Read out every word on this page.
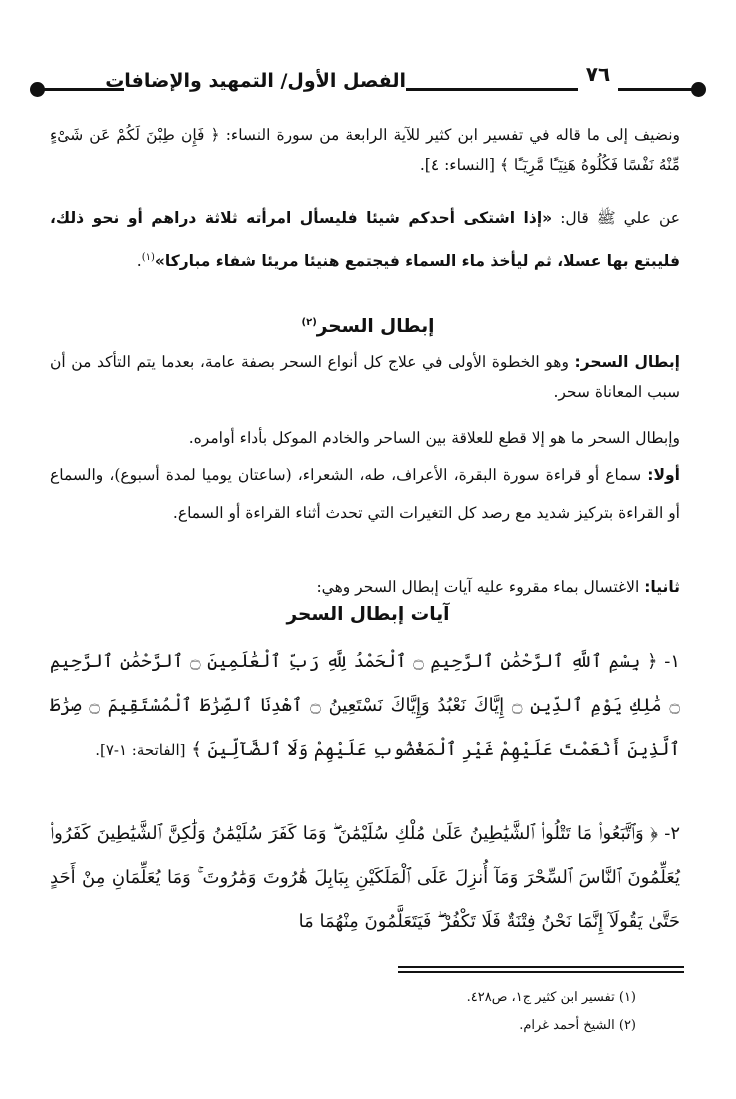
الفصل الأول/ التمهيد والإضافات	٧٦
ونضيف إلى ما قاله في تفسير ابن كثير للآية الرابعة من سورة النساء: ﴿ فَإِن طِبْنَ لَكُمْ عَن شَىْءٍ مِّنْهُ نَفْسًا فَكُلُوهُ هَنِيٓـًٔا مَّرِيٓـًٔا ﴾ [النساء: ٤].
عن علي ﷺ قال: «إذا اشتكى أحدكم شيئا فليسأل امرأته ثلاثة دراهم أو نحو ذلك، فليبتع بها عسلا، ثم ليأخذ ماء السماء فيجتمع هنيئا مريئا شفاء مباركا»$^{(١)}$.
إبطال السحر$^{(٢)}$
إبطال السحر: وهو الخطوة الأولى في علاج كل أنواع السحر بصفة عامة، بعدما يتم التأكد من أن سبب المعاناة سحر.
وإبطال السحر ما هو إلا قطع للعلاقة بين الساحر والخادم الموكل بأداء أوامره.
أولا: سماع أو قراءة سورة البقرة، الأعراف، طه، الشعراء، (ساعتان يوميا لمدة أسبوع)، والسماع أو القراءة بتركيز شديد مع رصد كل التغيرات التي تحدث أثناء القراءة أو السماع.
ثانيا: الاغتسال بماء مقروء عليه آيات إبطال السحر وهي:
آيات إبطال السحر
١- ﴿ بِسْمِ ٱللَّهِ ٱلرَّحْمَٰنِ ٱلرَّحِيمِ ۝ ٱلْحَمْدُ لِلَّهِ رَبِّ ٱلْعَٰلَمِينَ ۝ ٱلرَّحْمَٰنِ ٱلرَّحِيمِ ۝ مَٰلِكِ يَوْمِ ٱلدِّينِ ۝ إِيَّاكَ نَعْبُدُ وَإِيَّاكَ نَسْتَعِينُ ۝ ٱهْدِنَا ٱلصِّرَٰطَ ٱلْمُسْتَقِيمَ ۝ صِرَٰطَ ٱلَّذِينَ أَنْعَمْتَ عَلَيْهِمْ غَيْرِ ٱلْمَغْضُوبِ عَلَيْهِمْ وَلَا ٱلضَّآلِّينَ ﴾ [الفاتحة: ١-٧].
٢- ﴿ وَٱتَّبَعُوا۟ مَا تَتْلُوا۟ ٱلشَّيَٰطِينُ عَلَىٰ مُلْكِ سُلَيْمَٰنَ ۖ وَمَا كَفَرَ سُلَيْمَٰنُ وَلَٰكِنَّ ٱلشَّيَٰطِينَ كَفَرُوا۟ يُعَلِّمُونَ ٱلنَّاسَ ٱلسِّحْرَ وَمَآ أُنزِلَ عَلَى ٱلْمَلَكَيْنِ بِبَابِلَ هَٰرُوتَ وَمَٰرُوتَ ۚ وَمَا يُعَلِّمَانِ مِنْ أَحَدٍ حَتَّىٰ يَقُولَآ إِنَّمَا نَحْنُ فِتْنَةٌ فَلَا تَكْفُرْ ۖ فَيَتَعَلَّمُونَ مِنْهُمَا مَا
(١) تفسير ابن كثير ج١، ص٤٢٨.
(٢) الشيخ أحمد غرام.
